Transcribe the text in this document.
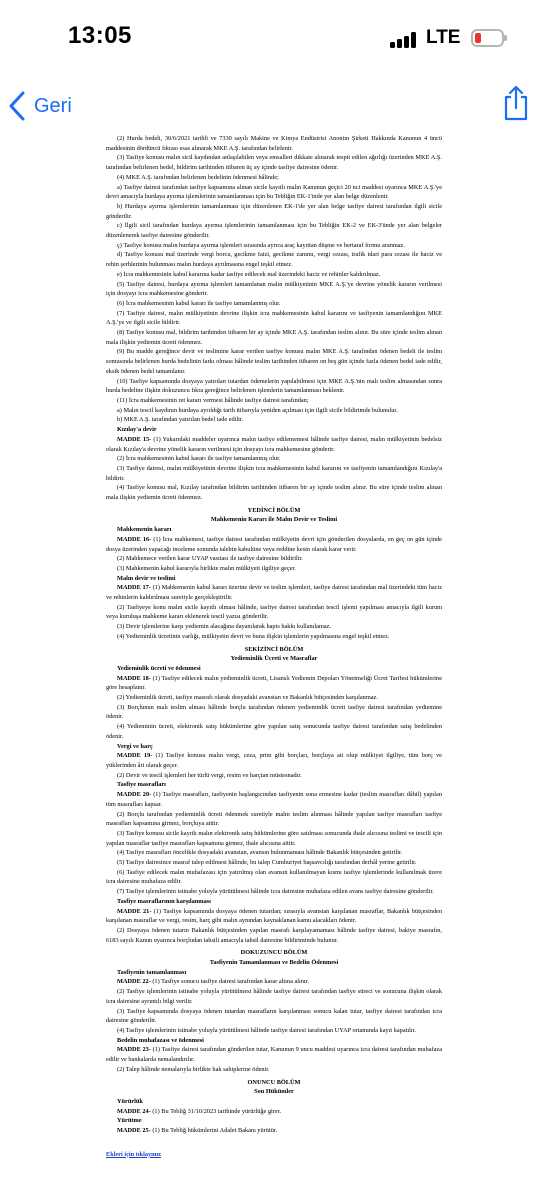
13:05	LTE
Geri

(2) Hurda bedeli, 30/6/2021 tarihli ve 7330 sayılı Makine ve Kimya Endüstrisi Anonim Şirketi Hakkında Kanunun 4 üncü maddesinin dördüncü fıkrası esas alınarak MKE A.Ş. tarafından belirlenir.

(3) Tasfiye konusu malın sicil kaydından anlaşılabilen veya emsalleri dikkate alınarak tespit edilen ağırlığı üzerinden MKE A.Ş. tarafından belirlenen bedel, bildirim tarihinden itibaren üç ay içinde tasfiye dairesine ödenir.

(4) MKE A.Ş. tarafından belirlenen bedelinin ödenmesi hâlinde;

a) Tasfiye dairesi tarafından tasfiye kapsamına alınan sicile kayıtlı malın Kanunun geçici 20 nci maddesi uyarınca MKE A.Ş.'ye devri amacıyla hurdaya ayırma işlemlerinin tamamlanması için bu Tebliğin EK-1'inde yer alan belge düzenlenir.

b) Hurdaya ayırma işlemlerinin tamamlanması için düzenlenen EK-1'de yer alan belge tasfiye dairesi tarafından ilgili sicile gönderilir.

c) İlgili sicil tarafından hurdaya ayırma işlemlerinin tamamlanması için bu Tebliğin EK-2 ve EK-3'ünde yer alan belgeler düzenlenerek tasfiye dairesine gönderilir.

ç) Tasfiye konusu malın hurdaya ayırma işlemleri sırasında ayrıca araç kayıttan düşme ve bertaraf formu aranmaz.

d) Tasfiye konusu mal üzerinde vergi borcu, gecikme faizi, gecikme zammı, vergi cezası, trafik idari para cezası ile haciz ve rehin şerhlerinin bulunması malın hurdaya ayrılmasına engel teşkil etmez.

e) İcra mahkemesinin kabul kararına kadar tasfiye edilecek mal üzerindeki haciz ve rehinler kaldırılmaz.

(5) Tasfiye dairesi, hurdaya ayırma işlemleri tamamlanan malın mülkiyetinin MKE A.Ş.'ye devrine yönelik kararın verilmesi için dosyayı icra mahkemesine gönderir.

(6) İcra mahkemesinin kabul kararı ile tasfiye tamamlanmış olur.

(7) Tasfiye dairesi, malın mülkiyetinin devrine ilişkin icra mahkemesinin kabul kararını ve tasfiyenin tamamlandığını MKE A.Ş.'ye ve ilgili sicile bildirir.

(8) Tasfiye konusu mal, bildirim tarihinden itibaren bir ay içinde MKE A.Ş. tarafından teslim alınır. Bu süre içinde teslim alınan mala ilişkin yediemin ücreti ödenmez.

(9) Bu madde gereğince devir ve teslimine karar verilen tasfiye konusu malın MKE A.Ş. tarafından ödenen bedeli ile teslim sonrasında belirlenen hurda bedelinin farkı olması hâlinde teslim tarihinden itibaren on beş gün içinde fazla ödenen bedel iade edilir, eksik ödenen bedel tamamlanır.

(10) Tasfiye kapsamında dosyaya yatırılan tutardan ödemelerin yapılabilmesi için MKE A.Ş.'nin malı teslim almasından sonra hurda bedeline ilişkin dokuzuncu fıkra gereğince belirlenen işlemlerin tamamlanması beklenir.

(11) İcra mahkemesinin ret kararı vermesi hâlinde tasfiye dairesi tarafından;

a) Malın tescil kaydının hurdaya ayrıldığı tarih itibarıyla yeniden açılması için ilgili sicile bildirimde bulunulur.

b) MKE A.Ş. tarafından yatırılan bedel iade edilir.

Kızılay'a devir

MADDE 15- (1) Yukarıdaki maddeler uyarınca malın tasfiye edilememesi hâlinde tasfiye dairesi, malın mülkiyetinin bedelsiz olarak Kızılay'a devrine yönelik kararın verilmesi için dosyayı icra mahkemesine gönderir.

(2) İcra mahkemesinin kabul kararı ile tasfiye tamamlanmış olur.

(3) Tasfiye dairesi, malın mülkiyetinin devrine ilişkin icra mahkemesinin kabul kararını ve tasfiyenin tamamlandığını Kızılay'a bildirir.

(4) Tasfiye konusu mal, Kızılay tarafından bildirim tarihinden itibaren bir ay içinde teslim alınır. Bu süre içinde teslim alınan mala ilişkin yediemin ücreti ödenmez.

YEDİNCİ BÖLÜM

Mahkemenin Kararı ile Malın Devir ve Teslimi

Mahkemenin kararı

MADDE 16- (1) İcra mahkemesi, tasfiye dairesi tarafından mülkiyetin devri için gönderilen dosyalarda, en geç on gün içinde dosya üzerinden yapacağı inceleme sonunda talebin kabulüne veya reddine kesin olarak karar verir.

(2) Mahkemece verilen karar UYAP vasıtası ile tasfiye dairesine bildirilir.

(3) Mahkemenin kabul kararıyla birlikte malın mülkiyeti ilgiliye geçer.

Malın devir ve teslimi

MADDE 17- (1) Mahkemenin kabul kararı üzerine devir ve teslim işlemleri, tasfiye dairesi tarafından mal üzerindeki tüm haciz ve rehinlerin kaldırılması suretiyle gerçekleştirilir.

(2) Tasfiyeye konu malın sicile kayıtlı olması hâlinde, tasfiye dairesi tarafından tescil işlemi yapılması amacıyla ilgili kurum veya kuruluşa mahkeme kararı eklenerek tescil yazısı gönderilir.

(3) Devir işlemlerine karşı yediemin alacağına dayanılarak hapis hakkı kullanılamaz.

(4) Yedieminlik ücretinin varlığı, mülkiyetin devri ve buna ilişkin işlemlerin yapılmasına engel teşkil etmez.

SEKİZİNCİ BÖLÜM

Yedieminlik Ücreti ve Masraflar

Yedieminlik ücreti ve ödenmesi

MADDE 18- (1) Tasfiye edilecek malın yedieminlik ücreti, Lisanslı Yediemin Depoları Yönetmeliği Ücret Tarifesi hükümlerine göre hesaplanır.

(2) Yedieminlik ücreti, tasfiye masrafı olarak dosyadaki avanstan ve Bakanlık bütçesinden karşılanmaz.

(3) Borçlunun malı teslim alması hâlinde borçlu tarafından ödenen yedieminlik ücreti tasfiye dairesi tarafından yediemine ödenir.

(4) Yedieminin ücreti, elektronik satış hükümlerine göre yapılan satış sonucunda tasfiye dairesi tarafından satış bedelinden ödenir.

Vergi ve harç

MADDE 19- (1) Tasfiye konusu malın vergi, ceza, prim gibi borçları, borçluya ait olup mülkiyet ilgiliye, tüm borç ve yüklerinden âri olarak geçer.

(2) Devir ve tescil işlemleri her türlü vergi, resim ve harçtan müstesnadır.

Tasfiye masrafları

MADDE 20- (1) Tasfiye masrafları, tasfiyenin başlangıcından tasfiyenin sona ermesine kadar (teslim masrafları dâhil) yapılan tüm masrafları kapsar.

(2) Borçlu tarafından yedieminlik ücreti ödenmek suretiyle malın teslim alınması hâlinde yapılan tasfiye masrafları tasfiye masrafları kapsamına girmez, borçluya aittir.

(3) Tasfiye konusu sicile kayıtlı malın elektronik satış hükümlerine göre satılması sonucunda ihale alıcısına teslimi ve tescili için yapılan masraflar tasfiye masrafları kapsamına girmez, ihale alıcısına aittir.

(4) Tasfiye masrafları öncelikle dosyadaki avanstan, avansın bulunmaması hâlinde Bakanlık bütçesinden getirilir.

(5) Tasfiye dairesince masraf talep edilmesi hâlinde, bu talep Cumhuriyet başsavcılığı tarafından derhâl yerine getirilir.

(6) Tasfiye edilecek malın muhafazası için yatırılmış olan avansın kullanılmayan kısmı tasfiye işlemlerinde kullanılmak üzere icra dairesine muhafaza edilir.

(7) Tasfiye işlemlerinin istinabe yoluyla yürütülmesi hâlinde icra dairesine muhafaza edilen avans tasfiye dairesine gönderilir.

Tasfiye masraflarının karşılanması

MADDE 21- (1) Tasfiye kapsamında dosyaya ödenen tutardan; sırasıyla avanstan karşılanan masraflar, Bakanlık bütçesinden karşılanan masraflar ve vergi, resim, harç gibi malın aynından kaynaklanan kamu alacakları ödenir.

(2) Dosyaya ödenen tutarın Bakanlık bütçesinden yapılan masrafı karşılayamaması hâlinde tasfiye dairesi, bakiye masrafın, 6183 sayılı Kanun uyarınca borçludan tahsili amacıyla tahsil dairesine bildiriminde bulunur.

DOKUZUNCU BÖLÜM

Tasfiyenin Tamamlanması ve Bedelin Ödenmesi

Tasfiyenin tamamlanması

MADDE 22- (1) Tasfiye sonucu tasfiye dairesi tarafından karar altına alınır.

(2) Tasfiye işlemlerinin istinabe yoluyla yürütülmesi hâlinde tasfiye dairesi tarafından tasfiye süreci ve sonucuna ilişkin olarak icra dairesine ayrıntılı bilgi verilir.

(3) Tasfiye kapsamında dosyaya ödenen tutardan masrafların karşılanması sonucu kalan tutar, tasfiye dairesi tarafından icra dairesine gönderilir.

(4) Tasfiye işlemlerinin istinabe yoluyla yürütülmesi hâlinde tasfiye dairesi tarafından UYAP ortamında kayıt kapatılır.

Bedelin muhafazası ve ödenmesi

MADDE 23- (1) Tasfiye dairesi tarafından gönderilen tutar, Kanunun 9 uncu maddesi uyarınca icra dairesi tarafından muhafaza edilir ve bankalarda nemalandırılır.

(2) Talep hâlinde nemalarıyla birlikte hak sahiplerine ödenir.

ONUNCU BÖLÜM

Son Hükümler

Yürürlük

MADDE 24- (1) Bu Tebliğ 31/10/2023 tarihinde yürürlüğe girer.

Yürütme

MADDE 25- (1) Bu Tebliğ hükümlerini Adalet Bakanı yürütür.

Ekleri için tıklayınız
